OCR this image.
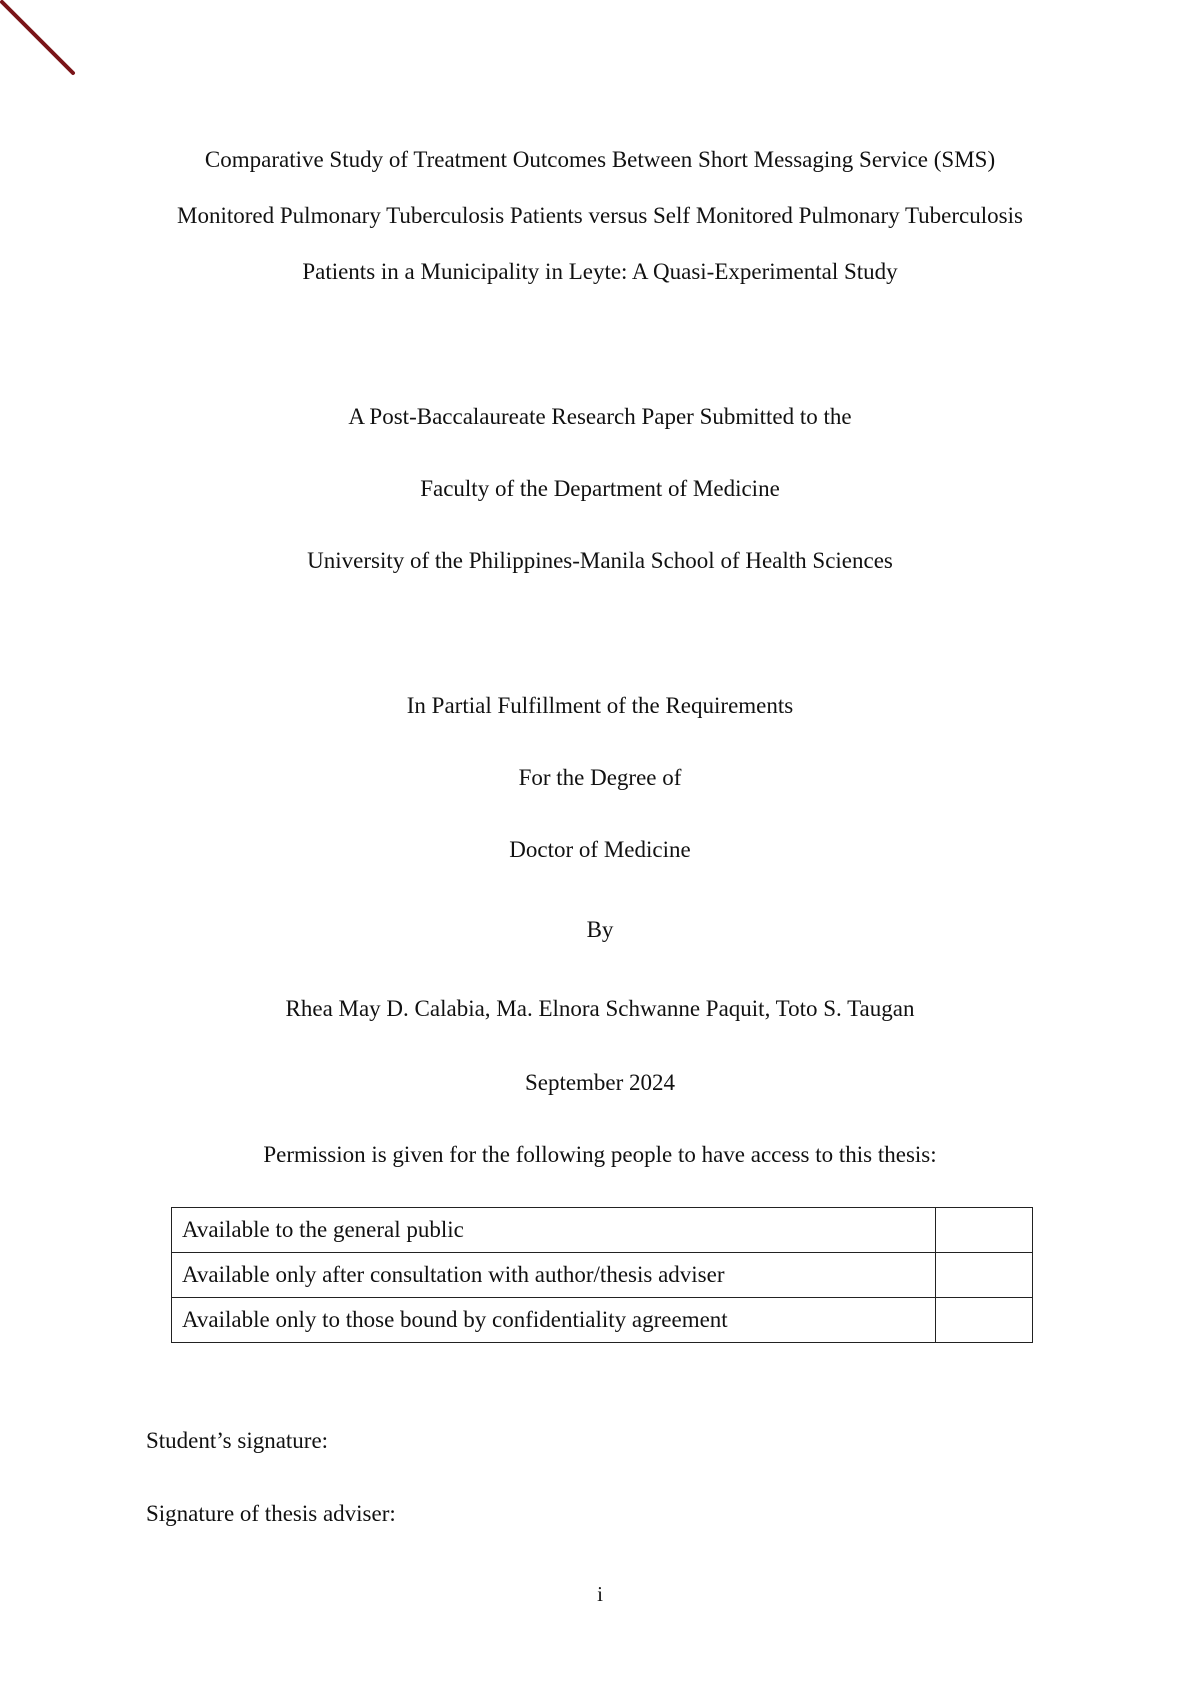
Comparative Study of Treatment Outcomes Between Short Messaging Service (SMS)
Monitored Pulmonary Tuberculosis Patients versus Self Monitored Pulmonary Tuberculosis
Patients in a Municipality in Leyte: A Quasi-Experimental Study
A Post-Baccalaureate Research Paper Submitted to the
Faculty of the Department of Medicine
University of the Philippines-Manila School of Health Sciences
In Partial Fulfillment of the Requirements
For the Degree of
Doctor of Medicine
By
Rhea May D. Calabia, Ma. Elnora Schwanne Paquit, Toto S. Taugan
September 2024
Permission is given for the following people to have access to this thesis:
Available to the general public	
Available only after consultation with author/thesis adviser	
Available only to those bound by confidentiality agreement	
Student’s signature:
Signature of thesis adviser:
i
